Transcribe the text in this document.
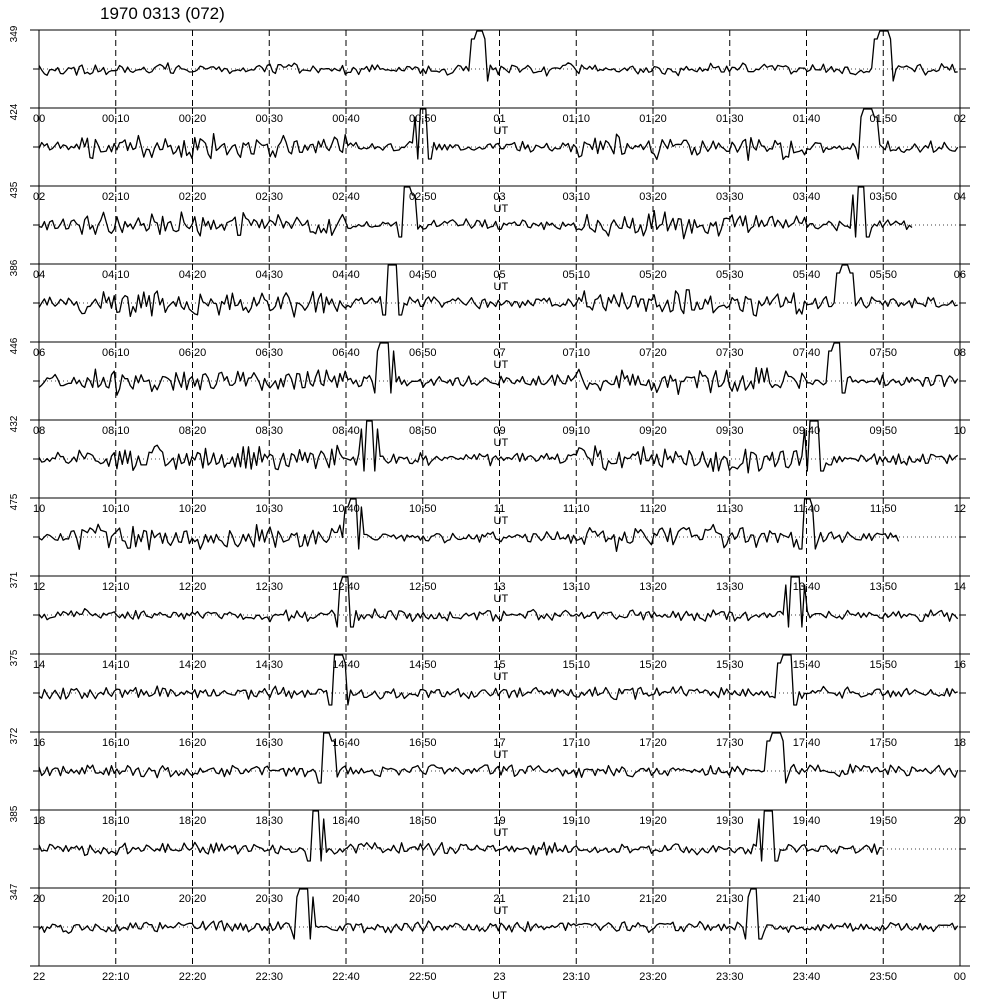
1970 0313 (072)
349
00	00:10	00:20	00:30	00:40	00:50	01	01:10	01:20	01:30	01:40	01:50	02
UT
424
02	02:10	02:20	02:30	02:40	02:50	03	03:10	03:20	03:30	03:40	03:50	04
UT
435
04	04:10	04:20	04:30	04:40	04:50	05	05:10	05:20	05:30	05:40	05:50	06
UT
386
06	06:10	06:20	06:30	06:40	06:50	07	07:10	07:20	07:30	07:40	07:50	08
UT
446
08	08:10	08:20	08:30	08:40	08:50	09	09:10	09:20	09:30	09:40	09:50	10
UT
432
10	10:10	10:20	10:30	10:40	10:50	11	11:10	11:20	11:30	11:40	11:50	12
UT
475
12	12:10	12:20	12:30	12:40	12:50	13	13:10	13:20	13:30	13:40	13:50	14
UT
371
14	14:10	14:20	14:30	14:40	14:50	15	15:10	15:20	15:30	15:40	15:50	16
UT
375
16	16:10	16:20	16:30	16:40	16:50	17	17:10	17:20	17:30	17:40	17:50	18
UT
372
18	18:10	18:20	18:30	18:40	18:50	19	19:10	19:20	19:30	19:40	19:50	20
UT
385
20	20:10	20:20	20:30	20:40	20:50	21	21:10	21:20	21:30	21:40	21:50	22
UT
347
22	22:10	22:20	22:30	22:40	22:50	23	23:10	23:20	23:30	23:40	23:50	00
UT
